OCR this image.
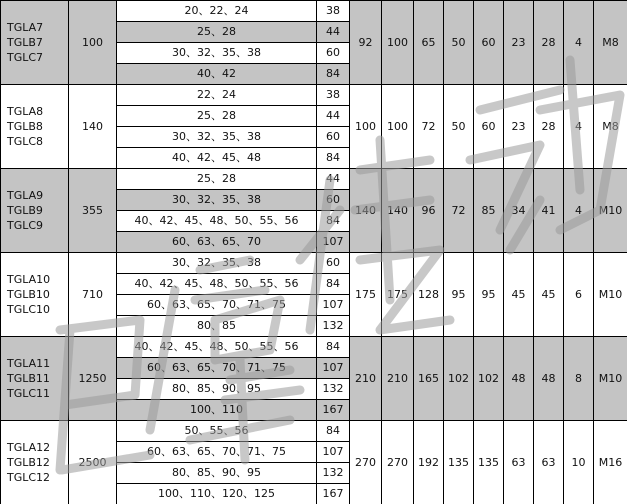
TGLA7
TGLB7
TGLC7	100	20、22、24	38	92	100	65	50	60	23	28	4	M8
		25、28	44									
		30、32、35、38	60									
		40、42	84									

TGLA8
TGLB8
TGLC8	140	22、24	38	100	100	72	50	60	23	28	4	M8
		25、28	44									
		30、32、35、38	60									
		40、42、45、48	84									

TGLA9
TGLB9
TGLC9	355	25、28	44	140	140	96	72	85	34	41	4	M10
		30、32、35、38	60									
		40、42、45、48、50、55、56	84									
		60、63、65、70	107									

TGLA10
TGLB10
TGLC10	710	30、32、35、38	60	175	175	128	95	95	45	45	6	M10
		40、42、45、48、50、55、56	84									
		60、63、65、70、71、75	107									
		80、85	132									

TGLA11
TGLB11
TGLC11	1250	40、42、45、48、50、55、56	84	210	210	165	102	102	48	48	8	M10
		60、63、65、70、71、75	107									
		80、85、90、95	132									
		100、110	167									

TGLA12
TGLB12
TGLC12	2500	50、55、56	84	270	270	192	135	135	63	63	10	M16
		60、63、65、70、71、75	107									
		80、85、90、95	132									
		100、110、120、125	167									
